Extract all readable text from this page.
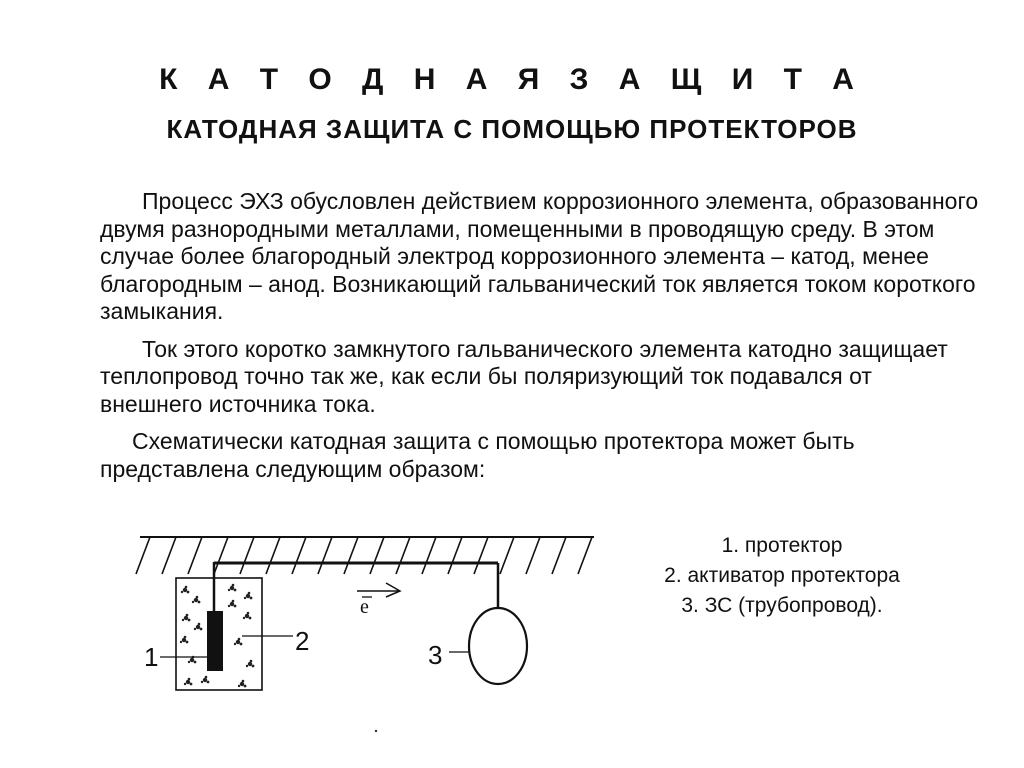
К А Т О Д Н А Я З А Щ И Т А
КАТОДНАЯ ЗАЩИТА С ПОМОЩЬЮ ПРОТЕКТОРОВ

Процесс ЭХЗ обусловлен действием коррозионного элемента, образованного двумя разнородными металлами, помещенными в проводящую среду. В этом случае более благородный электрод коррозионного элемента – катод, менее благородным – анод. Возникающий гальванический ток является током короткого замыкания.

Ток этого коротко замкнутого гальванического элемента катодно защищает теплопровод точно так же, как если бы поляризующий ток подавался от внешнего источника тока.

Схематически катодная защита с помощью протектора может быть представлена следующим образом:

e
1
2	3
1. протектор
2. активатор протектора
3. ЗС (трубопровод).
